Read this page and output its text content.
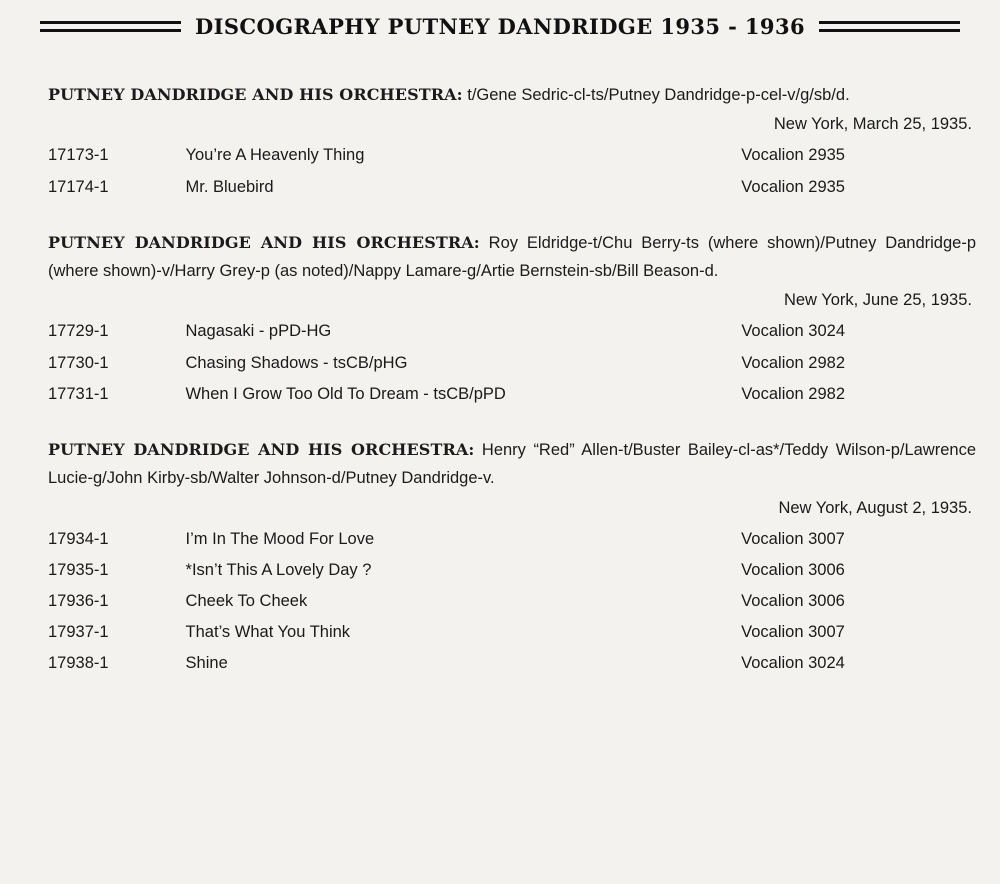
DISCOGRAPHY PUTNEY DANDRIDGE 1935 - 1936
PUTNEY DANDRIDGE AND HIS ORCHESTRA: t/Gene Sedric-cl-ts/Putney Dandridge-p-cel-v/g/sb/d.
New York, March 25, 1935.
17173-1	You’re A Heavenly Thing	Vocalion 2935
17174-1	Mr. Bluebird	Vocalion 2935
PUTNEY DANDRIDGE AND HIS ORCHESTRA: Roy Eldridge-t/Chu Berry-ts (where shown)/Putney Dandridge-p (where shown)-v/Harry Grey-p (as noted)/Nappy Lamare-g/Artie Bernstein-sb/Bill Beason-d.
New York, June 25, 1935.
17729-1	Nagasaki - pPD-HG	Vocalion 3024
17730-1	Chasing Shadows - tsCB/pHG	Vocalion 2982
17731-1	When I Grow Too Old To Dream - tsCB/pPD	Vocalion 2982
PUTNEY DANDRIDGE AND HIS ORCHESTRA: Henry “Red” Allen-t/Buster Bailey-cl-as*/Teddy Wilson-p/Lawrence Lucie-g/John Kirby-sb/Walter Johnson-d/Putney Dandridge-v.
New York, August 2, 1935.
17934-1	I’m In The Mood For Love	Vocalion 3007
17935-1	*Isn’t This A Lovely Day ?	Vocalion 3006
17936-1	Cheek To Cheek	Vocalion 3006
17937-1	That’s What You Think	Vocalion 3007
17938-1	Shine	Vocalion 3024
